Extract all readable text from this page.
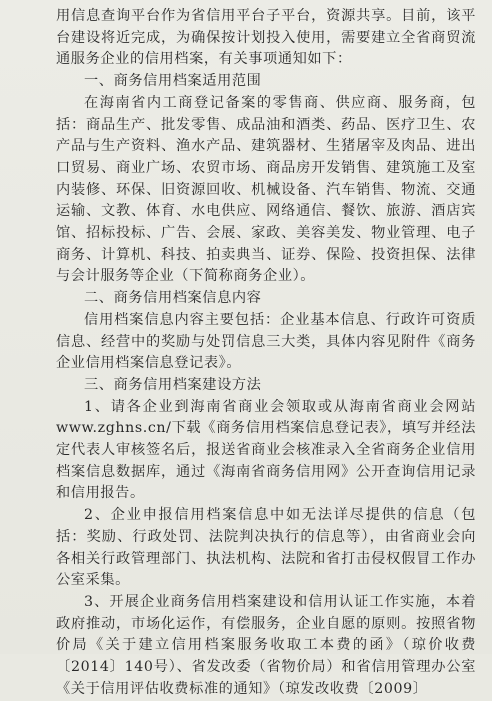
用信息查询平台作为省信用平台子平台，资源共享。目前，该平台建设将近完成，为确保按计划投入使用，需要建立全省商贸流通服务企业的信用档案，有关事项通知如下：

一、商务信用档案适用范围

在海南省内工商登记备案的零售商、供应商、服务商，包括：商品生产、批发零售、成品油和酒类、药品、医疗卫生、农产品与生产资料、渔水产品、建筑器材、生猪屠宰及肉品、进出口贸易、商业广场、农贸市场、商品房开发销售、建筑施工及室内装修、环保、旧资源回收、机械设备、汽车销售、物流、交通运输、文教、体育、水电供应、网络通信、餐饮、旅游、酒店宾馆、招标投标、广告、会展、家政、美容美发、物业管理、电子商务、计算机、科技、拍卖典当、证券、保险、投资担保、法律与会计服务等企业（下简称商务企业）。

二、商务信用档案信息内容

信用档案信息内容主要包括：企业基本信息、行政许可资质信息、经营中的奖励与处罚信息三大类，具体内容见附件《商务企业信用档案信息登记表》。

三、商务信用档案建设方法

1、请各企业到海南省商业会领取或从海南省商业会网站www.zghns.cn/下载《商务信用档案信息登记表》，填写并经法定代表人审核签名后，报送省商业会核准录入全省商务企业信用档案信息数据库，通过《海南省商务信用网》公开查询信用记录和信用报告。

2、企业申报信用档案信息中如无法详尽提供的信息（包括：奖励、行政处罚、法院判决执行的信息等），由省商业会向各相关行政管理部门、执法机构、法院和省打击侵权假冒工作办公室采集。

3、开展企业商务信用档案建设和信用认证工作实施，本着政府推动，市场化运作，有偿服务，企业自愿的原则。按照省物价局《关于建立信用档案服务收取工本费的函》（琼价收费〔2014〕140号）、省发改委（省物价局）和省信用管理办公室《关于信用评估收费标准的通知》（琼发改收费〔2009〕
